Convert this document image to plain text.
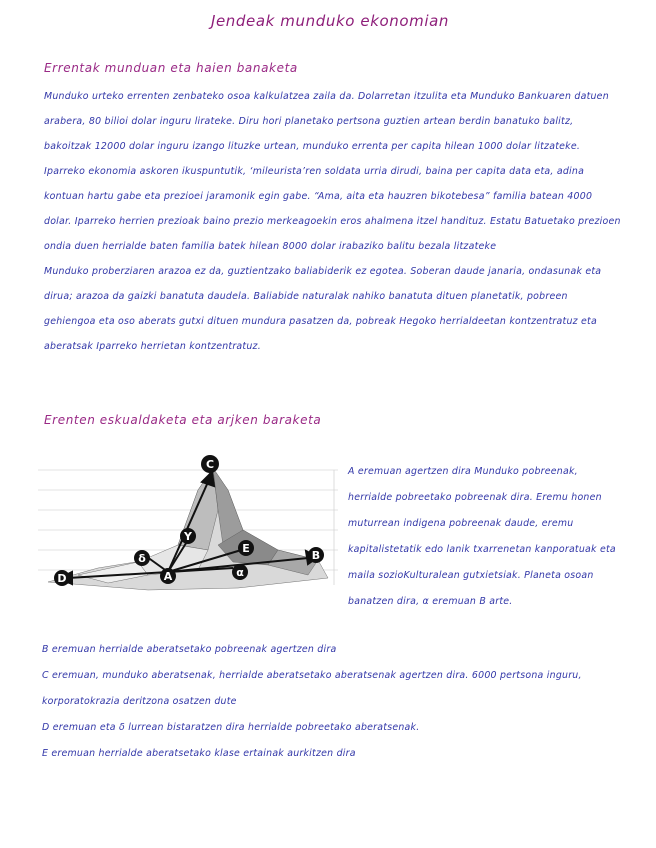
Jendeak munduko ekonomian
Errentak munduan eta haien banaketa

Munduko urteko errenten zenbateko osoa kalkulatzea zaila da. Dolarretan itzulita eta Munduko Bankuaren datuen arabera, 80 bilioi dolar inguru lirateke. Diru hori planetako pertsona guztien artean berdin banatuko balitz, bakoitzak 12000 dolar inguru izango lituzke urtean, munduko errenta per capita hilean 1000 dolar litzateke.

Iparreko ekonomia askoren ikuspuntutik, ‘mileurista’ren soldata urria dirudi, baina per capita data eta, adina kontuan hartu gabe eta prezioei jaramonik egin gabe. “Ama, aita eta hauzren bikotebesa” familia batean 4000 dolar. Iparreko herrien prezioak baino prezio merkeagoekin eros ahalmena itzel handituz. Estatu Batuetako prezioen ondia duen herrialde baten familia batek hilean 8000 dolar irabaziko balitu bezala litzateke

Munduko proberziaren arazoa ez da, guztientzako baliabiderik ez egotea. Soberan daude janaria, ondasunak eta dirua; arazoa da gaizki banatuta daudela. Baliabide naturalak nahiko banatuta dituen planetatik, pobreen gehiengoa eta oso aberats gutxi dituen mundura pasatzen da, pobreak Hegoko herrialdeetan kontzentratuz eta aberatsak Iparreko herrietan kontzentratuz.

Erenten eskualdaketa eta arjken baraketa
C
Y
E
B
δ
A	α
D
A eremuan agertzen dira Munduko pobreenak, herrialde pobreetako pobreenak dira. Eremu honen muturrean indigena pobreenak daude, eremu kapitalistetatik edo lanik txarrenetan kanporatuak eta maila sozioKulturalean gutxietsiak. Planeta osoan banatzen dira, α eremuan B arte.

B eremuan herrialde aberatsetako pobreenak agertzen dira

C eremuan, munduko aberatsenak, herrialde aberatsetako aberatsenak agertzen dira. 6000 pertsona inguru, korporatokrazia deritzona osatzen dute

D eremuan eta δ lurrean bistaratzen dira herrialde pobreetako aberatsenak.

E eremuan herrialde aberatsetako klase ertainak aurkitzen dira
